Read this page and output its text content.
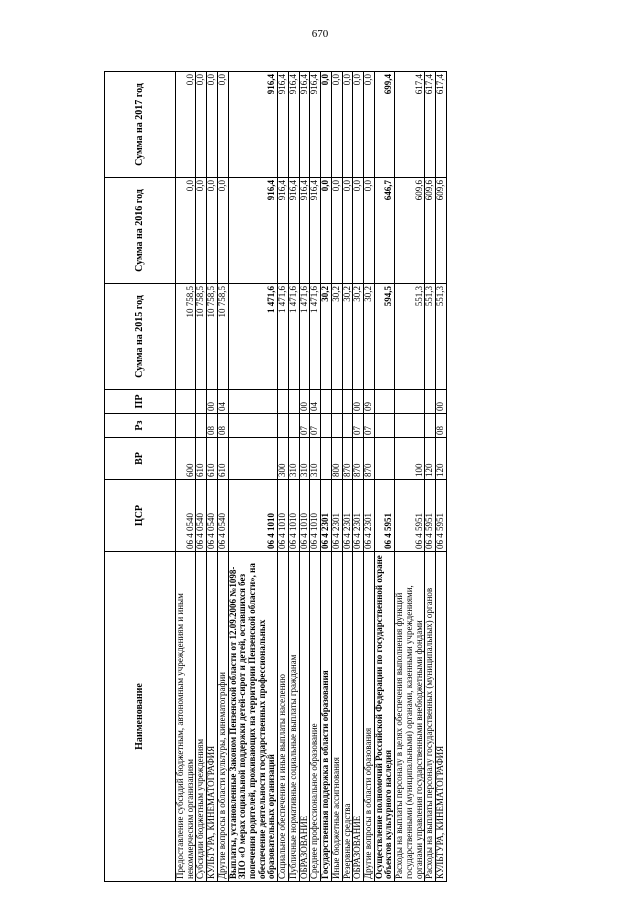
670
Наименование	ЦСР	ВР	Рз	ПР	Сумма на 2015 год	Сумма на 2016 год	Сумма на 2017 год
Предоставление субсидий бюджетным, автономным учреждениям и иным некоммерческим организациям	06 4 0540	600			10 758,5	0,0	0,0
Субсидии бюджетным учреждениям	06 4 0540	610			10 758,5	0,0	0,0
КУЛЬТУРА, КИНЕМАТОГРАФИЯ	06 4 0540	610	08	00	10 758,5	0,0	0,0
Другие вопросы в области культуры, кинематографии	06 4 0540	610	08	04	10 758,5	0,0	0,0
Выплаты, установленные Законом Пензенской области от 12.09.2006 №1098-ЗПО «О мерах социальной поддержки детей-сирот и детей, оставшихся без попечения родителей, проживающих на территории Пензенской области», на обеспечение деятельности государственных профессиональных образовательных организаций	06 4 1010				1 471,6	916,4	916,4
Социальное обеспечение и иные выплаты населению	06 4 1010	300			1 471,6	916,4	916,4
Публичные нормативные социальные выплаты гражданам	06 4 1010	310			1 471,6	916,4	916,4
ОБРАЗОВАНИЕ	06 4 1010	310	07	00	1 471,6	916,4	916,4
Среднее профессиональное образование	06 4 1010	310	07	04	1 471,6	916,4	916,4
Государственная поддержка в области образования	06 4 2301				30,2	0,0	0,0
Иные бюджетные ассигнования	06 4 2301	800			30,2	0,0	0,0
Резервные средства	06 4 2301	870			30,2	0,0	0,0
ОБРАЗОВАНИЕ	06 4 2301	870	07	00	30,2	0,0	0,0
Другие вопросы в области образования	06 4 2301	870	07	09	30,2	0,0	0,0
Осуществление полномочий Российской Федерации по государственной охране объектов культурного наследия	06 4 5951				594,5	646,7	699,4
Расходы на выплаты персоналу в целях обеспечения выполнения функций государственными (муниципальными) органами, казенными учреждениями, органами управления государственными внебюджетными фондами	06 4 5951	100			551,3	609,6	617,4
Расходы на выплаты персоналу государственных (муниципальных) органов	06 4 5951	120			551,3	609,6	617,4
КУЛЬТУРА, КИНЕМАТОГРАФИЯ	06 4 5951	120	08	00	551,3	609,6	617,4
